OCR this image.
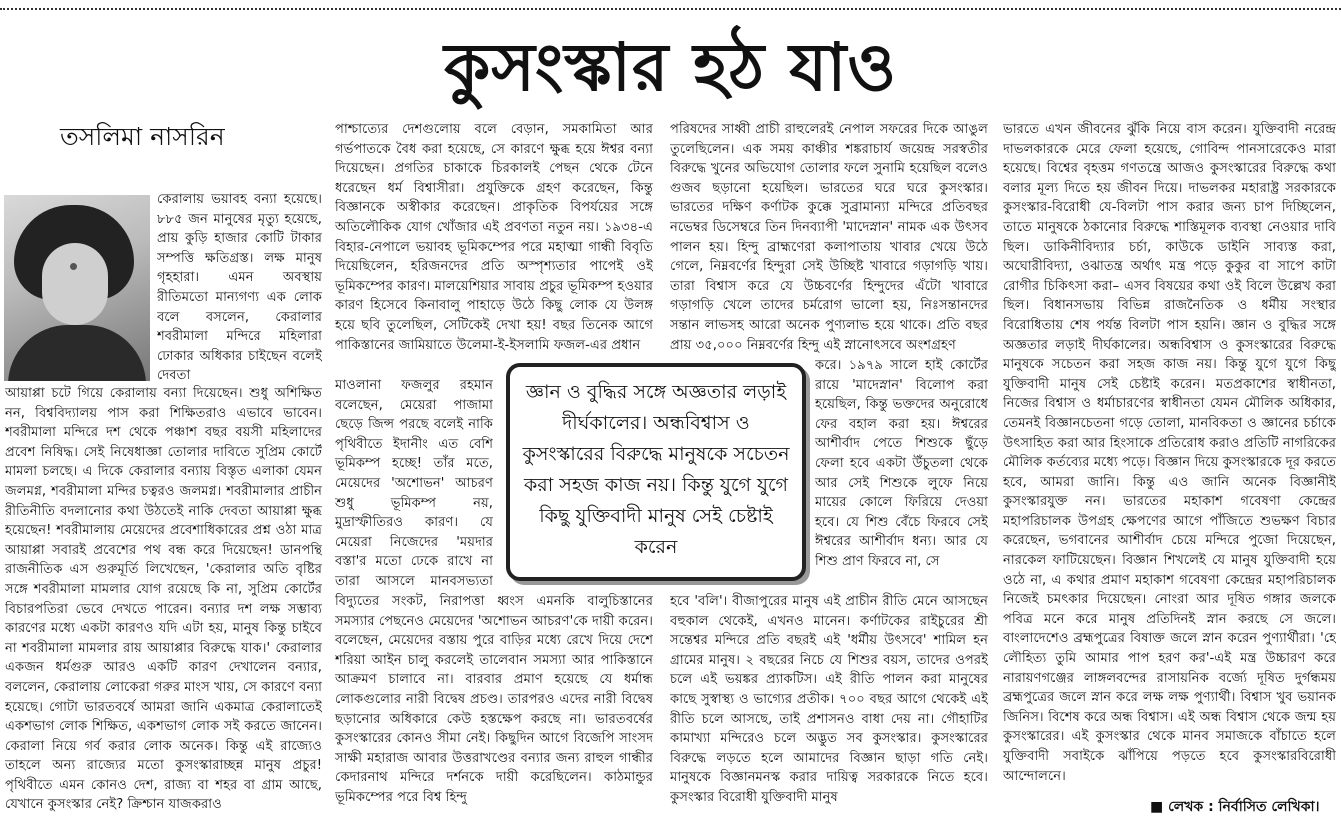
কুসংস্কার হঠ যাও
তসলিমা নাসরিন

কেরালায় ভয়াবহ বন্যা হয়েছে। ৮৮৫ জন মানুষের মৃত্যু হয়েছে, প্রায় কুড়ি হাজার কোটি টাকার সম্পত্তি ক্ষতিগ্রস্ত। লক্ষ মানুষ গৃহহারা। এমন অবস্থায় রীতিমতো মান্যগণ্য এক লোক বলে বসলেন, কেরালার শবরীমালা মন্দিরে মহিলারা ঢোকার অধিকার চাইছেন বলেই দেবতা

আয়াপ্পা চটে গিয়ে কেরালায় বন্যা দিয়েছেন। শুধু অশিক্ষিত নন, বিশ্ববিদ্যালয় পাস করা শিক্ষিতরাও এভাবে ভাবেন। শবরীমালা মন্দিরে দশ থেকে পঞ্চাশ বছর বয়সী মহিলাদের প্রবেশ নিষিদ্ধ। সেই নিষেধাজ্ঞা তোলার দাবিতে সুপ্রিম কোর্টে মামলা চলছে। এ দিকে কেরালার বন্যায় বিস্তৃত এলাকা যেমন জলমগ্ন, শবরীমালা মন্দির চত্বরও জলমগ্ন। শবরীমালার প্রাচীন রীতিনীতি বদলানোর কথা উঠতেই নাকি দেবতা আয়াপ্পা ক্ষুব্ধ হয়েছেন! শবরীমালায় মেয়েদের প্রবেশাধিকারের প্রশ্ন ওঠা মাত্র আয়াপ্পা সবারই প্রবেশের পথ বন্ধ করে দিয়েছেন! ডানপন্থি রাজনীতিক এস গুরুমূর্তি লিখেছেন, 'কেরালার অতি বৃষ্টির সঙ্গে শবরীমালা মামলার যোগ রয়েছে কি না, সুপ্রিম কোর্টের বিচারপতিরা ভেবে দেখতে পারেন। বন্যার দশ লক্ষ সম্ভাব্য কারণের মধ্যে একটা কারণও যদি এটা হয়, মানুষ কিন্তু চাইবে না শবরীমালা মামলার রায় আয়াপ্পার বিরুদ্ধে যাক।' কেরালার একজন ধর্মগুরু আরও একটি কারণ দেখালেন বন্যার, বললেন, কেরালায় লোকেরা গরুর মাংস খায়, সে কারণে বন্যা হয়েছে। গোটা ভারতবর্ষে আমরা জানি একমাত্র কেরালাতেই একশভাগ লোক শিক্ষিত, একশভাগ লোক সই করতে জানেন। কেরালা নিয়ে গর্ব করার লোক অনেক। কিন্তু এই রাজ্যেও তাহলে অন্য রাজ্যের মতো কুসংস্কারাচ্ছন্ন মানুষ প্রচুর! পৃথিবীতে এমন কোনও দেশ, রাজ্য বা শহর বা গ্রাম আছে, যেখানে কুসংস্কার নেই? ক্রিশ্চান যাজকরাও

পাশ্চাত্যের দেশগুলোয় বলে বেড়ান, সমকামিতা আর গর্ভপাতকে বৈধ করা হয়েছে, সে কারণে ক্ষুব্ধ হয়ে ঈশ্বর বন্যা দিয়েছেন। প্রগতির চাকাকে চিরকালই পেছন থেকে টেনে ধরেছেন ধর্ম বিশ্বাসীরা। প্রযুক্তিকে গ্রহণ করেছেন, কিন্তু বিজ্ঞানকে অস্বীকার করেছেন। প্রাকৃতিক বিপর্যয়ের সঙ্গে অতিলৌকিক যোগ খোঁজার এই প্রবণতা নতুন নয়। ১৯৩৪-এ বিহার-নেপালে ভয়াবহ ভূমিকম্পের পরে মহাত্মা গান্ধী বিবৃতি দিয়েছিলেন, হরিজনদের প্রতি অস্পৃশ্যতার পাপেই ওই ভূমিকম্পের কারণ। মালয়েশিয়ার সাবায় প্রচুর ভূমিকম্প হওয়ার কারণ হিসেবে কিনাবালু পাহাড়ে উঠে কিছু লোক যে উলঙ্গ হয়ে ছবি তুলেছিল, সেটিকেই দেখা হয়! বছর তিনেক আগে পাকিস্তানের জামিয়াতে উলেমা-ই-ইসলামি ফজল-এর প্রধান

মাওলানা ফজলুর রহমান বলেছেন, মেয়েরা পাজামা ছেড়ে জিন্স পরছে বলেই নাকি পৃথিবীতে ইদানীং এত বেশি ভূমিকম্প হচ্ছে! তাঁর মতে, মেয়েদের 'অশোভন' আচরণ শুধু ভূমিকম্প নয়, মুদ্রাস্ফীতিরও কারণ। যে মেয়েরা নিজেদের 'ময়দার বস্তা'র মতো ঢেকে রাখে না তারা আসলে মানবসভ্যতা

বিদ্যুতের সংকট, নিরাপত্তা ধ্বংস এমনকি বালুচিস্তানের সমস্যার পেছনেও মেয়েদের 'অশোভন আচরণ'কে দায়ী করেন। বলেছেন, মেয়েদের বস্তায় পুরে বাড়ির মধ্যে রেখে দিয়ে দেশে শরিয়া আইন চালু করলেই তালেবান সমস্যা আর পাকিস্তানে আক্রমণ চালাবে না। বারবার প্রমাণ হয়েছে যে ধর্মান্ধ লোকগুলোর নারী বিদ্বেষ প্রচণ্ড। তারপরও এদের নারী বিদ্বেষ ছড়ানোর অধিকারে কেউ হস্তক্ষেপ করছে না। ভারতবর্ষের কুসংস্কারের কোনও সীমা নেই। কিছুদিন আগে বিজেপি সাংসদ সাক্ষী মহারাজ আবার উত্তরাখণ্ডের বন্যার জন্য রাহুল গান্ধীর কেদারনাথ মন্দিরে দর্শনকে দায়ী করেছিলেন। কাঠমান্ডুর ভূমিকম্পের পরে বিশ্ব হিন্দু

পরিষদের সাধ্বী প্রাচী রাহুলেরই নেপাল সফরের দিকে আঙুল তুলেছিলেন। এক সময় কাঞ্চীর শঙ্করাচার্য জয়েন্দ্র সরস্বতীর বিরুদ্ধে খুনের অভিযোগ তোলার ফলে সুনামি হয়েছিল বলেও গুজব ছড়ানো হয়েছিল। ভারতের ঘরে ঘরে কুসংস্কার। ভারতের দক্ষিণ কর্ণাটক কুক্কে সুব্রামান্যা মন্দিরে প্রতিবছর নভেম্বর ডিসেম্বরে তিন দিনব্যাপী 'মাদেস্নান' নামক এক উৎসব পালন হয়। হিন্দু ব্রাহ্মণেরা কলাপাতায় খাবার খেয়ে উঠে গেলে, নিম্নবর্ণের হিন্দুরা সেই উচ্ছিষ্ট খাবারে গড়াগড়ি খায়। তারা বিশ্বাস করে যে উচ্চবর্ণের হিন্দুদের এঁটো খাবারে গড়াগড়ি খেলে তাদের চর্মরোগ ভালো হয়, নিঃসন্তানদের সন্তান লাভসহ আরো অনেক পুণ্যলাভ হয়ে থাকে। প্রতি বছর প্রায় ৩৫,০০০ নিম্নবর্ণের হিন্দু এই স্নানোৎসবে অংশগ্রহণ

করে। ১৯৭৯ সালে হাই কোর্টের রায়ে 'মাদেস্নান' বিলোপ করা হয়েছিল, কিন্তু ভক্তদের অনুরোধে ফের বহাল করা হয়। ঈশ্বরের আশীর্বাদ পেতে শিশুকে ছুঁড়ে ফেলা হবে একটা উঁচুতলা থেকে আর সেই শিশুকে লুফে নিয়ে মায়ের কোলে ফিরিয়ে দেওয়া হবে। যে শিশু বেঁচে ফিরবে সেই ঈশ্বরের আশীর্বাদ ধন্য। আর যে শিশু প্রাণ ফিরবে না, সে

হবে 'বলি'। বীজাপুরের মানুষ এই প্রাচীন রীতি মেনে আসছেন বহুকাল থেকেই, এখনও মানেন। কর্ণাটকের রাইচুরের শ্রী সন্তেশ্বর মন্দিরে প্রতি বছরই এই 'ধর্মীয় উৎসবে' শামিল হন গ্রামের মানুষ। ২ বছরের নিচে যে শিশুর বয়স, তাদের ওপরই চলে এই ভয়ঙ্কর প্র্যাকটিস। এই রীতি পালন করা মানুষের কাছে সুস্বাস্থ্য ও ভাগ্যের প্রতীক। ৭০০ বছর আগে থেকেই এই রীতি চলে আসছে, তাই প্রশাসনও বাধা দেয় না। গৌহাটির কামাখ্যা মন্দিরেও চলে অদ্ভুত সব কুসংস্কার। কুসংস্কারের বিরুদ্ধে লড়তে হলে আমাদের বিজ্ঞান ছাড়া গতি নেই। মানুষকে বিজ্ঞানমনস্ক করার দায়িত্ব সরকারকে নিতে হবে। কুসংস্কার বিরোধী যুক্তিবাদী মানুষ

ভারতে এখন জীবনের ঝুঁকি নিয়ে বাস করেন। যুক্তিবাদী নরেন্দ্র দাভলকারকে মেরে ফেলা হয়েছে, গোবিন্দ পানসারেকেও মারা হয়েছে। বিশ্বের বৃহত্তম গণতন্ত্রে আজও কুসংস্কারের বিরুদ্ধে কথা বলার মূল্য দিতে হয় জীবন দিয়ে। দাভলকর মহারাষ্ট্র সরকারকে কুসংস্কার-বিরোধী যে-বিলটা পাস করার জন্য চাপ দিচ্ছিলেন, তাতে মানুষকে ঠকানোর বিরুদ্ধে শাস্তিমূলক ব্যবস্থা নেওয়ার দাবি ছিল। ডাকিনীবিদ্যার চর্চা, কাউকে ডাইনি সাব্যস্ত করা, অঘোরীবিদ্যা, ওঝাতন্ত্র অর্থাৎ মন্ত্র পড়ে কুকুর বা সাপে কাটা রোগীর চিকিৎসা করা– এসব বিষয়ের কথা ওই বিলে উল্লেখ করা ছিল। বিধানসভায় বিভিন্ন রাজনৈতিক ও ধর্মীয় সংস্থার বিরোধিতায় শেষ পর্যন্ত বিলটা পাস হয়নি। জ্ঞান ও বুদ্ধির সঙ্গে অজ্ঞতার লড়াই দীর্ঘকালের। অন্ধবিশ্বাস ও কুসংস্কারের বিরুদ্ধে মানুষকে সচেতন করা সহজ কাজ নয়। কিন্তু যুগে যুগে কিছু যুক্তিবাদী মানুষ সেই চেষ্টাই করেন। মতপ্রকাশের স্বাধীনতা, নিজের বিশ্বাস ও ধর্মাচারণের স্বাধীনতা যেমন মৌলিক অধিকার, তেমনই বিজ্ঞানচেতনা গড়ে তোলা, মানবিকতা ও জ্ঞানের চর্চাকে উৎসাহিত করা আর হিংসাকে প্রতিরোধ করাও প্রতিটি নাগরিকের মৌলিক কর্তব্যের মধ্যে পড়ে। বিজ্ঞান দিয়ে কুসংস্কারকে দূর করতে হবে, আমরা জানি। কিন্তু এও জানি অনেক বিজ্ঞানীই কুসংস্কারযুক্ত নন। ভারতের মহাকাশ গবেষণা কেন্দ্রের মহাপরিচালক উপগ্রহ ক্ষেপণের আগে পাঁজিতে শুভক্ষণ বিচার করেছেন, ভগবানের আশীর্বাদ চেয়ে মন্দিরে পুজো দিয়েছেন, নারকেল ফাটিয়েছেন। বিজ্ঞান শিখলেই যে মানুষ যুক্তিবাদী হয়ে ওঠে না, এ কথার প্রমাণ মহাকাশ গবেষণা কেন্দ্রের মহাপরিচালক নিজেই চমৎকার দিয়েছেন। নোংরা আর দূষিত গঙ্গার জলকে পবিত্র মনে করে মানুষ প্রতিদিনই স্নান করছে সে জলে। বাংলাদেশেও ব্রহ্মপুত্রের বিষাক্ত জলে স্নান করেন পুণ্যার্থীরা। 'হে লৌহিত্য তুমি আমার পাপ হরণ কর'-এই মন্ত্র উচ্চারণ করে নারায়ণগঞ্জের লাঙ্গলবন্দের রাসায়নিক বর্জ্যে দূষিত দুর্গন্ধময় ব্রহ্মপুত্রের জলে স্নান করে লক্ষ লক্ষ পুণ্যার্থী। বিশ্বাস খুব ভয়ানক জিনিস। বিশেষ করে অন্ধ বিশ্বাস। এই অন্ধ বিশ্বাস থেকে জন্ম হয় কুসংস্কারের। এই কুসংস্কার থেকে মানব সমাজকে বাঁচাতে হলে যুক্তিবাদী সবাইকে ঝাঁপিয়ে পড়তে হবে কুসংস্কারবিরোধী আন্দোলনে।

জ্ঞান ও বুদ্ধির সঙ্গে অজ্ঞতার লড়াই দীর্ঘকালের। অন্ধবিশ্বাস ও কুসংস্কারের বিরুদ্ধে মানুষকে সচেতন করা সহজ কাজ নয়। কিন্তু যুগে যুগে কিছু যুক্তিবাদী মানুষ সেই চেষ্টাই করেন
■ লেখক : নির্বাসিত লেখিকা।
